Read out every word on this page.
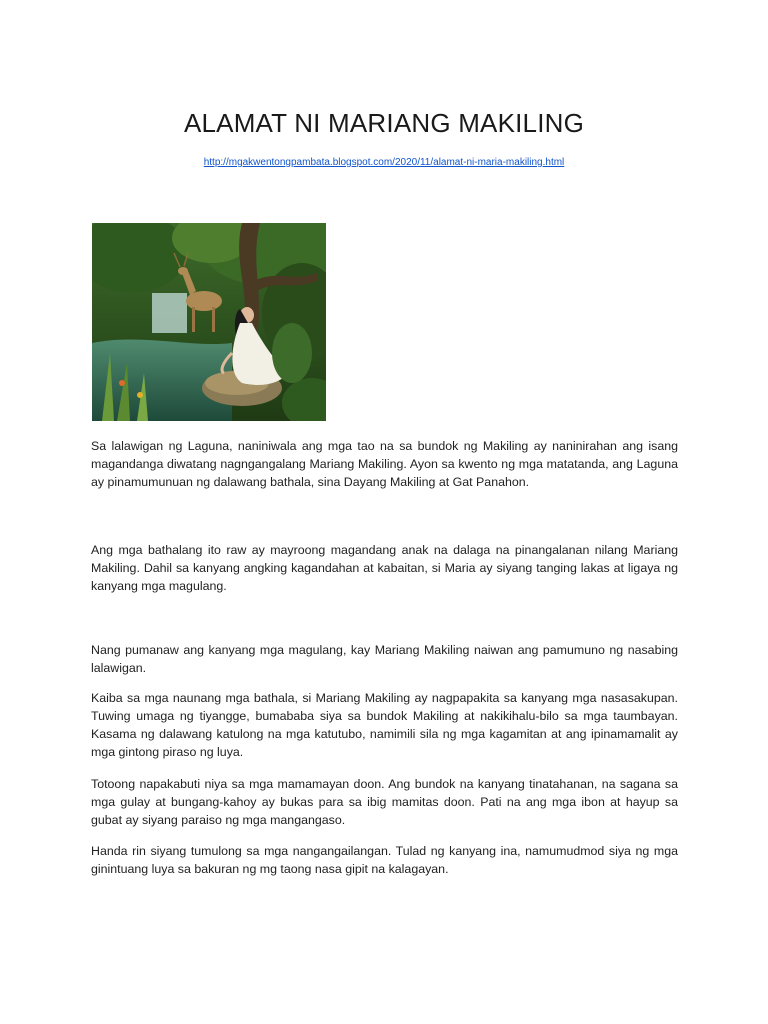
ALAMAT NI MARIANG MAKILING
http://mgakwentongpambata.blogspot.com/2020/11/alamat-ni-maria-makiling.html

Sa lalawigan ng Laguna, naniniwala ang mga tao na sa bundok ng Makiling ay naninirahan ang isang magandanga diwatang nagngangalang Mariang Makiling. Ayon sa kwento ng mga matatanda, ang Laguna ay pinamumunuan ng dalawang bathala, sina Dayang Makiling at Gat Panahon.

Ang mga bathalang ito raw ay mayroong magandang anak na dalaga na pinangalanan nilang Mariang Makiling. Dahil sa kanyang angking kagandahan at kabaitan, si Maria ay siyang tanging lakas at ligaya ng kanyang mga magulang.

Nang pumanaw ang kanyang mga magulang, kay Mariang Makiling naiwan ang pamumuno ng nasabing lalawigan.

Kaiba sa mga naunang mga bathala, si Mariang Makiling ay nagpapakita sa kanyang mga nasasakupan. Tuwing umaga ng tiyangge, bumababa siya sa bundok Makiling at nakikihalu-bilo sa mga taumbayan. Kasama ng dalawang katulong na mga katutubo, namimili sila ng mga kagamitan at ang ipinamamalit ay mga gintong piraso ng luya.

Totoong napakabuti niya sa mga mamamayan doon. Ang bundok na kanyang tinatahanan, na sagana sa mga gulay at bungang-kahoy ay bukas para sa ibig mamitas doon. Pati na ang mga ibon at hayup sa gubat ay siyang paraiso ng mga mangangaso.

Handa rin siyang tumulong sa mga nangangailangan. Tulad ng kanyang ina, namumudmod siya ng mga ginintuang luya sa bakuran ng mg taong nasa gipit na kalagayan.
